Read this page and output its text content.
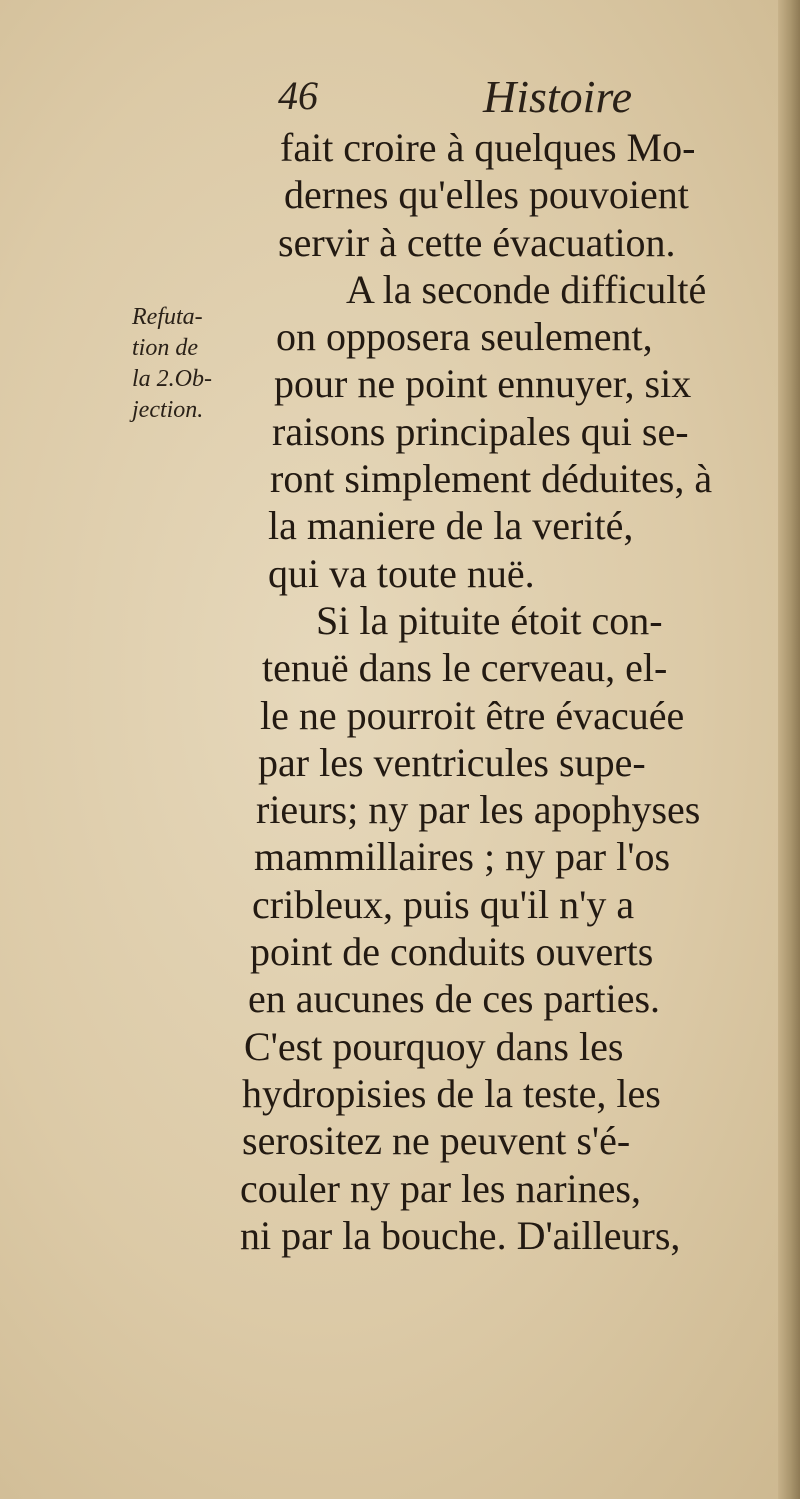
46	Histoire
Refuta-
tion de
la 2.Ob-
jection.
fait croire à quelques Mo-
dernes qu'elles pouvoient
servir à cette évacuation.
A la seconde difficulté
on opposera seulement,
pour ne point ennuyer, six
raisons principales qui se-
ront simplement déduites, à
la maniere de la verité,
qui va toute nuë.
Si la pituite étoit con-
tenuë dans le cerveau, el-
le ne pourroit être évacuée
par les ventricules supe-
rieurs; ny par les apophyses
mammillaires ; ny par l'os
cribleux, puis qu'il n'y a
point de conduits ouverts
en aucunes de ces parties.
C'est pourquoy dans les
hydropisies de la teste, les
serositez ne peuvent s'é-
couler ny par les narines,
ni par la bouche. D'ailleurs,
